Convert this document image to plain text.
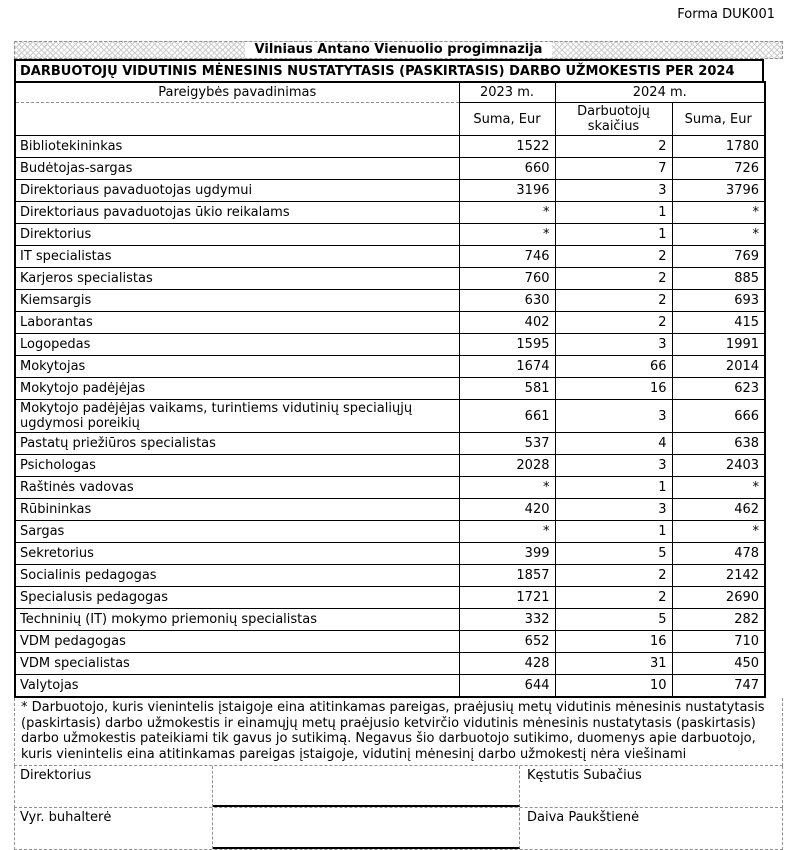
Forma DUK001
Vilniaus Antano Vienuolio progimnazija
DARBUOTOJŲ VIDUTINIS MĖNESINIS NUSTATYTASIS (PASKIRTASIS) DARBO UŽMOKESTIS PER 2024
Pareigybės pavadinimas	2023 m.	2024 m.	
	Suma, Eur	Darbuotojų skaičius	Suma, Eur
Bibliotekininkas	1522	2	1780
Budėtojas-sargas	660	7	726
Direktoriaus pavaduotojas ugdymui	3196	3	3796
Direktoriaus pavaduotojas ūkio reikalams	*	1	*
Direktorius	*	1	*
IT specialistas	746	2	769
Karjeros specialistas	760	2	885
Kiemsargis	630	2	693
Laborantas	402	2	415
Logopedas	1595	3	1991
Mokytojas	1674	66	2014
Mokytojo padėjėjas	581	16	623
Mokytojo padėjėjas vaikams, turintiems vidutinių specialiųjų ugdymosi poreikių	661	3	666
Pastatų priežiūros specialistas	537	4	638
Psichologas	2028	3	2403
Raštinės vadovas	*	1	*
Rūbininkas	420	3	462
Sargas	*	1	*
Sekretorius	399	5	478
Socialinis pedagogas	1857	2	2142
Specialusis pedagogas	1721	2	2690
Techninių (IT) mokymo priemonių specialistas	332	5	282
VDM pedagogas	652	16	710
VDM specialistas	428	31	450
Valytojas	644	10	747
* Darbuotojo, kuris vienintelis įstaigoje eina atitinkamas pareigas, praėjusių metų vidutinis mėnesinis nustatytasis (paskirtasis) darbo užmokestis ir einamųjų metų praėjusio ketvirčio vidutinis mėnesinis nustatytasis (paskirtasis) darbo užmokestis pateikiami tik gavus jo sutikimą. Negavus šio darbuotojo sutikimo, duomenys apie darbuotojo, kuris vienintelis eina atitinkamas pareigas įstaigoje, vidutinį mėnesinį darbo užmokestį nėra viešinami
Direktorius	Kęstutis Subačius
Vyr. buhalterė	Daiva Paukštienė
